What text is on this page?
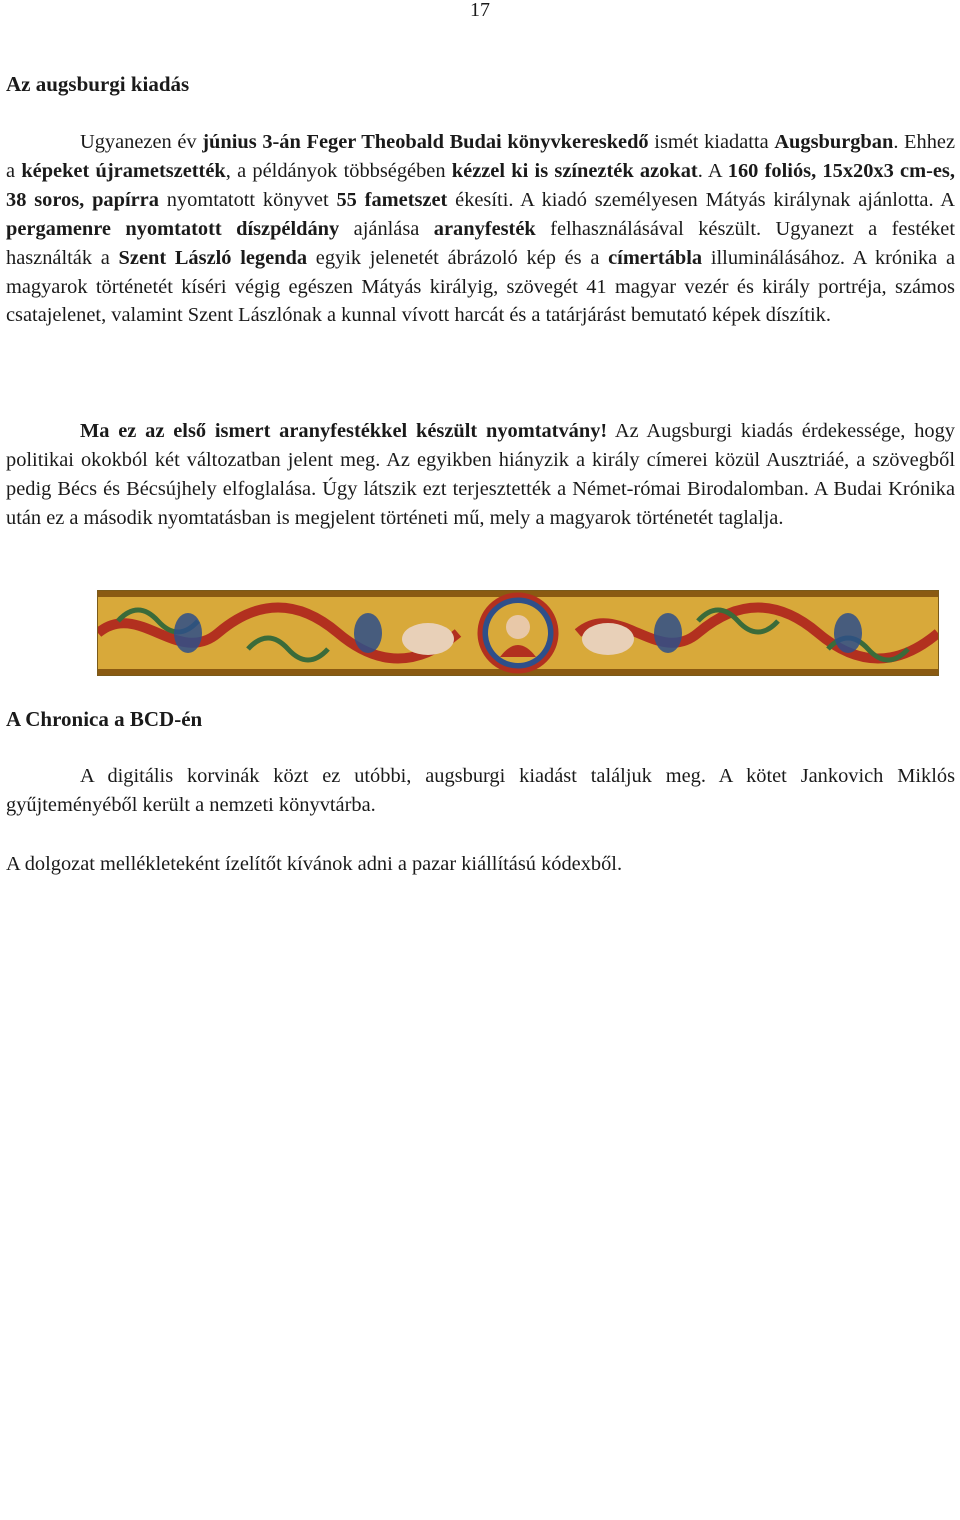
17
Az augsburgi kiadás

Ugyanezen év június 3-án Feger Theobald Budai könyvkereskedő ismét kiadatta Augsburgban. Ehhez a képeket újrametszették, a példányok többségében kézzel ki is színezték azokat. A 160 foliós, 15x20x3 cm-es, 38 soros, papírra nyomtatott könyvet 55 fametszet ékesíti. A kiadó személyesen Mátyás királynak ajánlotta. A pergamenre nyomtatott díszpéldány ajánlása aranyfesték felhasználásával készült. Ugyanezt a festéket használták a Szent László legenda egyik jelenetét ábrázoló kép és a címertábla illuminálásához. A krónika a magyarok történetét kíséri végig egészen Mátyás királyig, szövegét 41 magyar vezér és király portréja, számos csatajelenet, valamint Szent Lászlónak a kunnal vívott harcát és a tatárjárást bemutató képek díszítik.

Ma ez az első ismert aranyfestékkel készült nyomtatvány! Az Augsburgi kiadás érdekessége, hogy politikai okokból két változatban jelent meg. Az egyikben hiányzik a király címerei közül Ausztriáé, a szövegből pedig Bécs és Bécsújhely elfoglalása. Úgy látszik ezt terjesztették a Német-római Birodalomban. A Budai Krónika után ez a második nyomtatásban is megjelent történeti mű, mely a magyarok történetét taglalja.

A Chronica a BCD-én

A digitális korvinák közt ez utóbbi, augsburgi kiadást találjuk meg. A kötet Jankovich Miklós gyűjteményéből került a nemzeti könyvtárba.

A dolgozat mellékleteként ízelítőt kívánok adni a pazar kiállítású kódexből.
